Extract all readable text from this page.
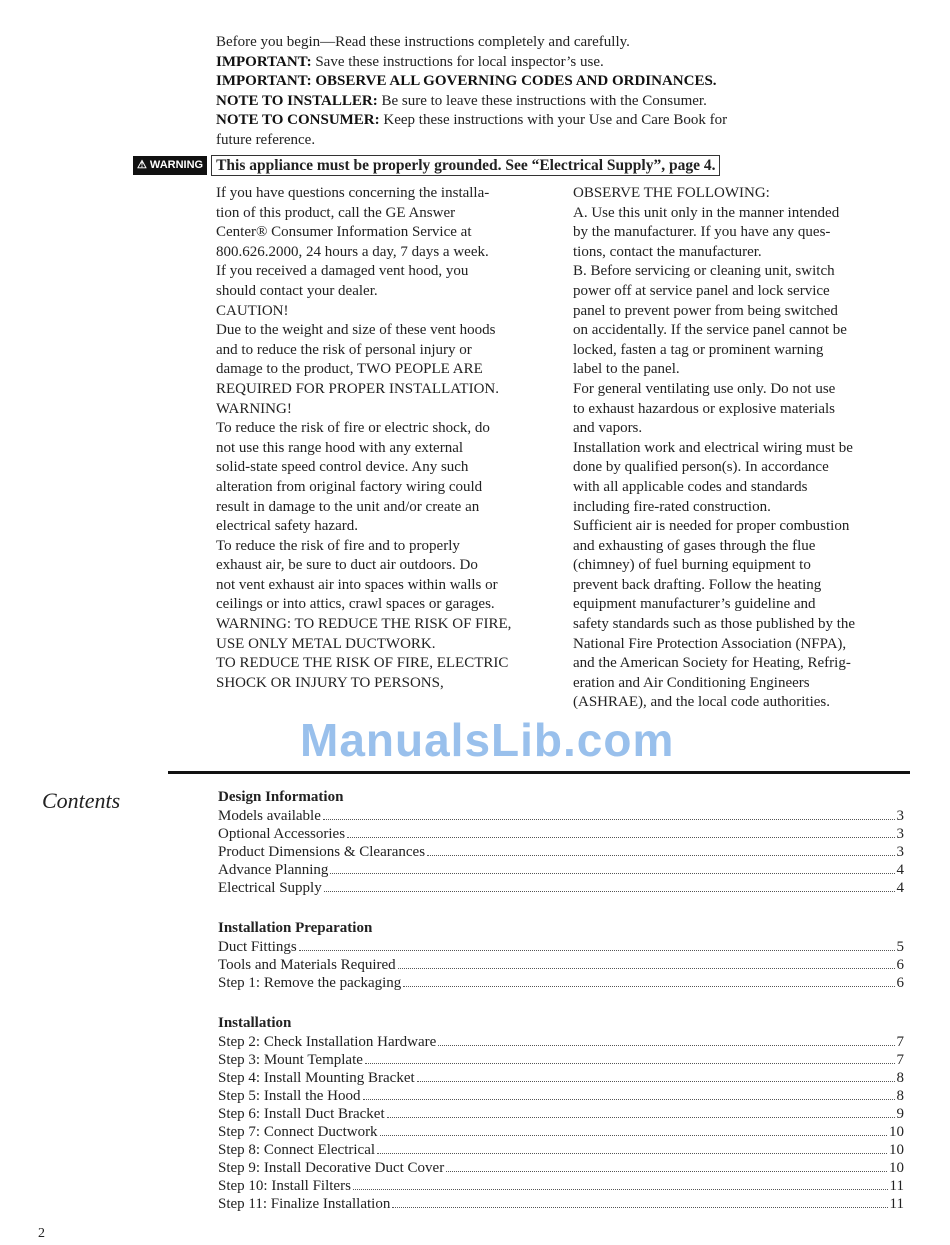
Before you begin—Read these instructions completely and carefully.
IMPORTANT: Save these instructions for local inspector’s use.
IMPORTANT: OBSERVE ALL GOVERNING CODES AND ORDINANCES.
NOTE TO INSTALLER: Be sure to leave these instructions with the Consumer.
NOTE TO CONSUMER: Keep these instructions with your Use and Care Book for
future reference.
⚠ WARNING This appliance must be properly grounded. See “Electrical Supply”, page 4.
If you have questions concerning the installa-
tion of this product, call the GE Answer
Center® Consumer Information Service at
800.626.2000, 24 hours a day, 7 days a week.
If you received a damaged vent hood, you
should contact your dealer.
CAUTION!
Due to the weight and size of these vent hoods
and to reduce the risk of personal injury or
damage to the product, TWO PEOPLE ARE
REQUIRED FOR PROPER INSTALLATION.
WARNING!
To reduce the risk of fire or electric shock, do
not use this range hood with any external
solid-state speed control device. Any such
alteration from original factory wiring could
result in damage to the unit and/or create an
electrical safety hazard.
To reduce the risk of fire and to properly
exhaust air, be sure to duct air outdoors. Do
not vent exhaust air into spaces within walls or
ceilings or into attics, crawl spaces or garages.
WARNING: TO REDUCE THE RISK OF FIRE,
USE ONLY METAL DUCTWORK.
TO REDUCE THE RISK OF FIRE, ELECTRIC
SHOCK OR INJURY TO PERSONS,
OBSERVE THE FOLLOWING:
A. Use this unit only in the manner intended
by the manufacturer. If you have any ques-
tions, contact the manufacturer.
B. Before servicing or cleaning unit, switch
power off at service panel and lock service
panel to prevent power from being switched
on accidentally. If the service panel cannot be
locked, fasten a tag or prominent warning
label to the panel.
For general ventilating use only. Do not use
to exhaust hazardous or explosive materials
and vapors.
Installation work and electrical wiring must be
done by qualified person(s). In accordance
with all applicable codes and standards
including fire-rated construction.
Sufficient air is needed for proper combustion
and exhausting of gases through the flue
(chimney) of fuel burning equipment to
prevent back drafting. Follow the heating
equipment manufacturer’s guideline and
safety standards such as those published by the
National Fire Protection Association (NFPA),
and the American Society for Heating, Refrig-
eration and Air Conditioning Engineers
(ASHRAE), and the local code authorities.
ManualsLib.com
Contents	Design Information
Models available	3
Optional Accessories	3
Product Dimensions & Clearances	3
Advance Planning	4
Electrical Supply	4
Installation Preparation
Duct Fittings	5
Tools and Materials Required	6
Step 1: Remove the packaging	6
Installation
Step 2: Check Installation Hardware	7
Step 3: Mount Template	7
Step 4: Install Mounting Bracket	8
Step 5: Install the Hood	8
Step 6: Install Duct Bracket	9
Step 7: Connect Ductwork	10
Step 8: Connect Electrical	10
Step 9: Install Decorative Duct Cover	10
Step 10: Install Filters	11
Step 11: Finalize Installation	11
2
